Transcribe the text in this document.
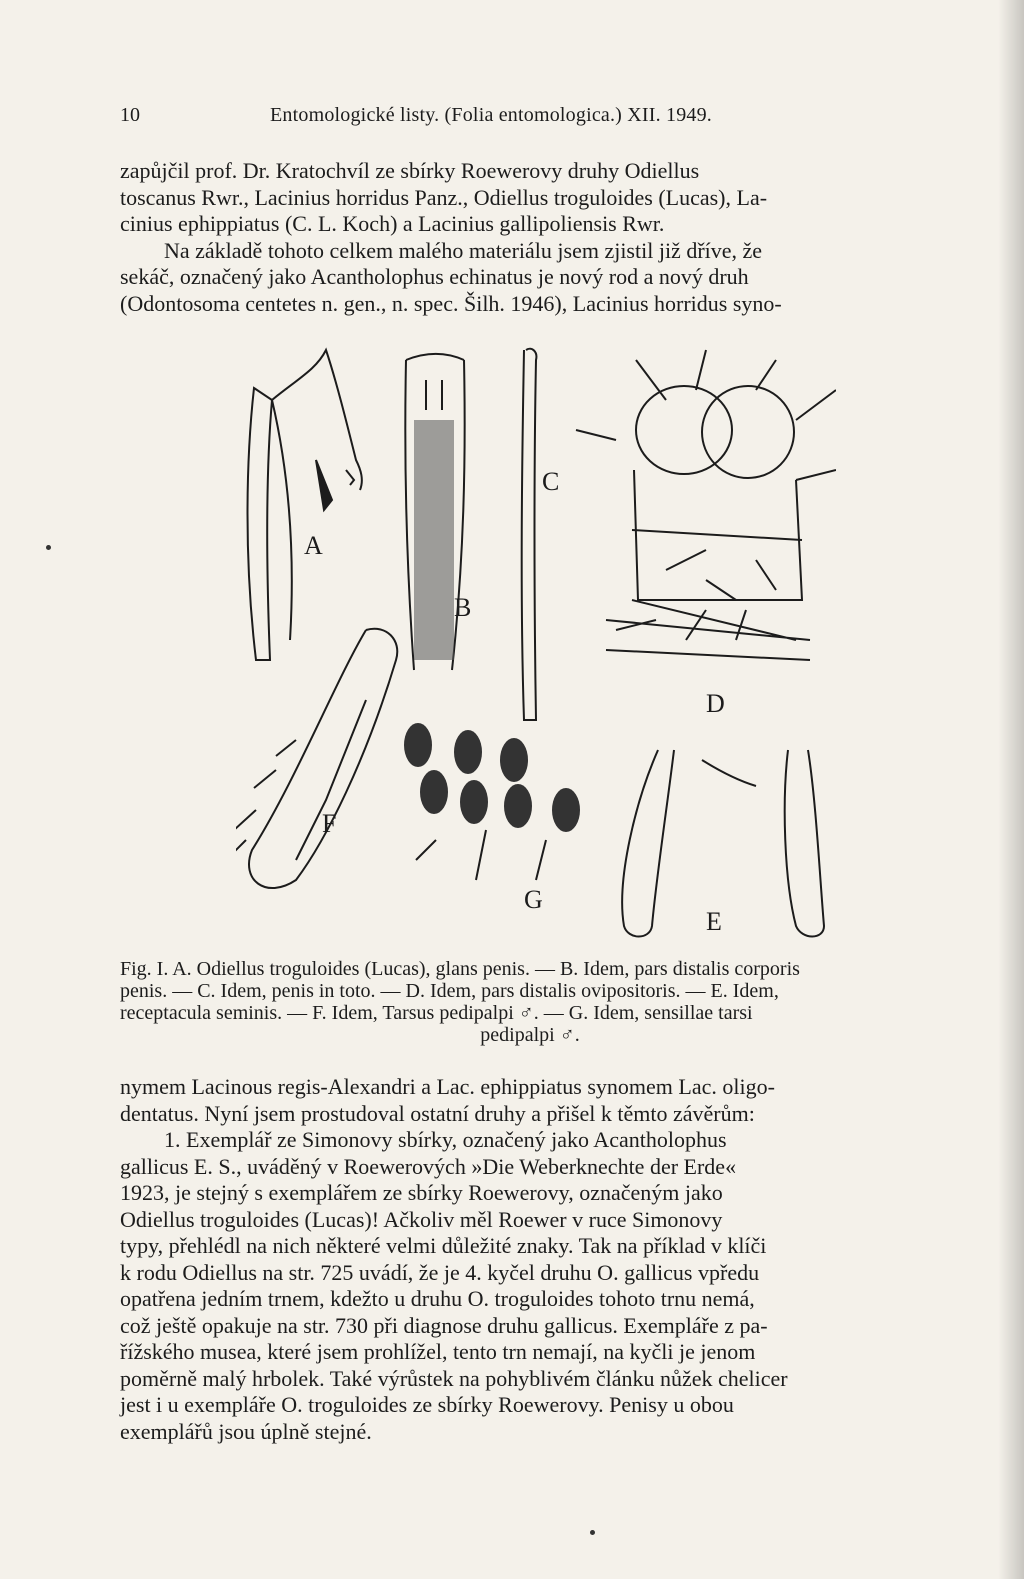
10	Entomologické listy. (Folia entomologica.) XII. 1949.
zapůjčil prof. Dr. Kratochvíl ze sbírky Roewerovy druhy Odiellus
toscanus Rwr., Lacinius horridus Panz., Odiellus troguloides (Lucas), La-
cinius ephippiatus (C. L. Koch) a Lacinius gallipoliensis Rwr.
Na základě tohoto celkem malého materiálu jsem zjistil již dříve, že
sekáč, označený jako Acantholophus echinatus je nový rod a nový druh
(Odontosoma centetes n. gen., n. spec. Šilh. 1946), Lacinius horridus syno-
A
B
C
D
E
F
G
Fig. I. A. Odiellus troguloides (Lucas), glans penis. — B. Idem, pars distalis corporis
penis. — C. Idem, penis in toto. — D. Idem, pars distalis ovipositoris. — E. Idem,
receptacula seminis. — F. Idem, Tarsus pedipalpi ♂. — G. Idem, sensillae tarsi
pedipalpi ♂.
nymem Lacinous regis-Alexandri a Lac. ephippiatus synomem Lac. oligo-
dentatus. Nyní jsem prostudoval ostatní druhy a přišel k těmto závěrům:
1. Exemplář ze Simonovy sbírky, označený jako Acantholophus
gallicus E. S., uváděný v Roewerových »Die Weberknechte der Erde«
1923, je stejný s exemplářem ze sbírky Roewerovy, označeným jako
Odiellus troguloides (Lucas)! Ačkoliv měl Roewer v ruce Simonovy
typy, přehlédl na nich některé velmi důležité znaky. Tak na příklad v klíči
k rodu Odiellus na str. 725 uvádí, že je 4. kyčel druhu O. gallicus vpředu
opatřena jedním trnem, kdežto u druhu O. troguloides tohoto trnu nemá,
což ještě opakuje na str. 730 při diagnose druhu gallicus. Exempláře z pa-
řížského musea, které jsem prohlížel, tento trn nemají, na kyčli je jenom
poměrně malý hrbolek. Také výrůstek na pohyblivém článku nůžek chelicer
jest i u exempláře O. troguloides ze sbírky Roewerovy. Penisy u obou
exemplářů jsou úplně stejné.
